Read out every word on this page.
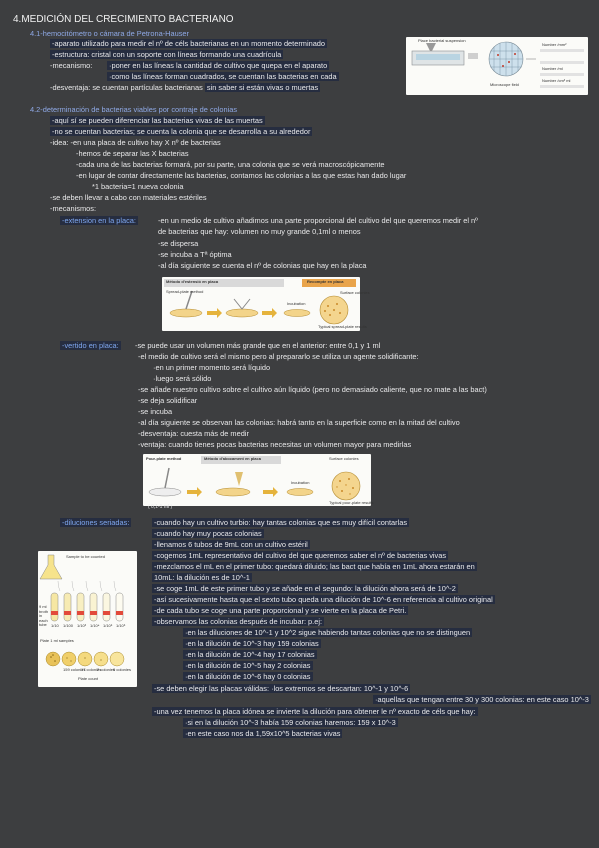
4.MEDICIÓN DEL CRECIMIENTO BACTERIANO
4.1-hemocitómetro o cámara de Petrona-Hauser
-aparato utilizado para medir el nº de céls bacterianas en un momento determinado
-estructura: cristal con un soporte con líneas formando una cuadrícula
-mecanismo: ·poner en las líneas la cantidad de cultivo que quepa en el aparato
·como las líneas forman cuadrados, se cuentan las bacterias en cada
-desventaja: se cuentan partículas bacterianas sin saber si están vivas o muertas
Place bacterial suspension
Microscope field
Number /mm²
Number /ml
Number /cm³ ml
4.2-determinación de bacterias viables por contraje de colonias
-aquí sí se pueden diferenciar las bacterias vivas de las muertas
-no se cuentan bacterias; se cuenta la colonia que se desarrolla a su alrededor
-idea: -en una placa de cultivo hay X nº de bacterias
-hemos de separar las X bacterias
-cada una de las bacterias formará, por su parte, una colonia que se verá macroscópicamente
-en lugar de contar directamente las bacterias, contamos las colonias a las que estas han dado lugar
*1 bacteria=1 nueva colonia
-se deben llevar a cabo con materiales estériles
-mecanismos:
-extension en la placa:	-en un medio de cultivo añadimos una parte proporcional del cultivo del que queremos medir el nº
de bacterias que hay: volumen no muy grande 0,1ml o menos
-se dispersa
-se incuba a Tª óptima
-al día siguiente se cuenta el nº de colonias que hay en la placa
Método d'estensió en placa	Recompte en placa
Spread-plate method
Incubation
Surface colonies
Typical spread-plate results
-vertido en placa: -se puede usar un volumen más grande que en el anterior: entre 0,1 y 1 ml
-el medio de cultivo será el mismo pero al prepararlo se utiliza un agente solidificante:
·en un primer momento será líquido
·luego será sólido
-se añade nuestro cultivo sobre el cultivo aún líquido (pero no demasiado caliente, que no mate a las bact)
-se deja solidificar
-se incuba
-al día siguiente se observan las colonias: habrá tanto en la superficie como en la mitad del cultivo
-desventaja: cuesta más de medir
-ventaja: cuando tienes pocas bacterias necesitas un volumen mayor para medirlas
Pour-plate method	Método d'abocament en placa
Incubation
Surface colonies
Typical pour-plate results
( 0,1-1 ml )
-diluciones seriadas:	-cuando hay un cultivo turbio: hay tantas colonias que es muy difícil contarlas
-cuando hay muy pocas colonias
-llenamos 6 tubos de 9mL con un cultivo estéril
-cogemos 1mL representativo del cultivo del que queremos saber el nº de bacterias vivas
-mezclamos el mL en el primer tubo: quedará diluido; las bact que había en 1mL ahora estarán en
10mL: la dilución es de 10^-1
-se coge 1mL de este primer tubo y se añade en el segundo: la dilución ahora será de 10^-2
-así sucesivamente hasta que el sexto tubo queda una dilución de 10^-6 en referencia al cultivo original
-de cada tubo se coge una parte proporcional y se vierte en la placa de Petri.
-observamos las colonias después de incubar: p.ej:
·en las diluciones de 10^-1 y 10^2 sigue habiendo tantas colonias que no se distinguen
·en la dilución de 10^-3 hay 159 colonias
·en la dilución de 10^-4 hay 17 colonias
·en la dilución de 10^-5 hay 2 colonias
·en la dilución de 10^-6 hay 0 colonias
-se deben elegir las placas válidas: ·los extremos se descartan: 10^-1 y 10^-6
·aquellas que tengan entre 30 y 300 colonias: en este caso 10^-3
-una vez tenemos la placa idónea se invierte la dilución para obtener le nº exacto de céls que hay:
·si en la dilución 10^-3 había 159 colonias haremos: 159 x 10^-3
·en este caso nos da 1,59x10^5 bacterias vivas
Sample to be counted
9 ml broth in each tube
Plate 1 ml samples
1/10 1/100 1/10³ 1/10⁴ 1/10⁵ 1/10⁶
159 colonies
17 colonies
2 colonies
0 colonies
Plate count
